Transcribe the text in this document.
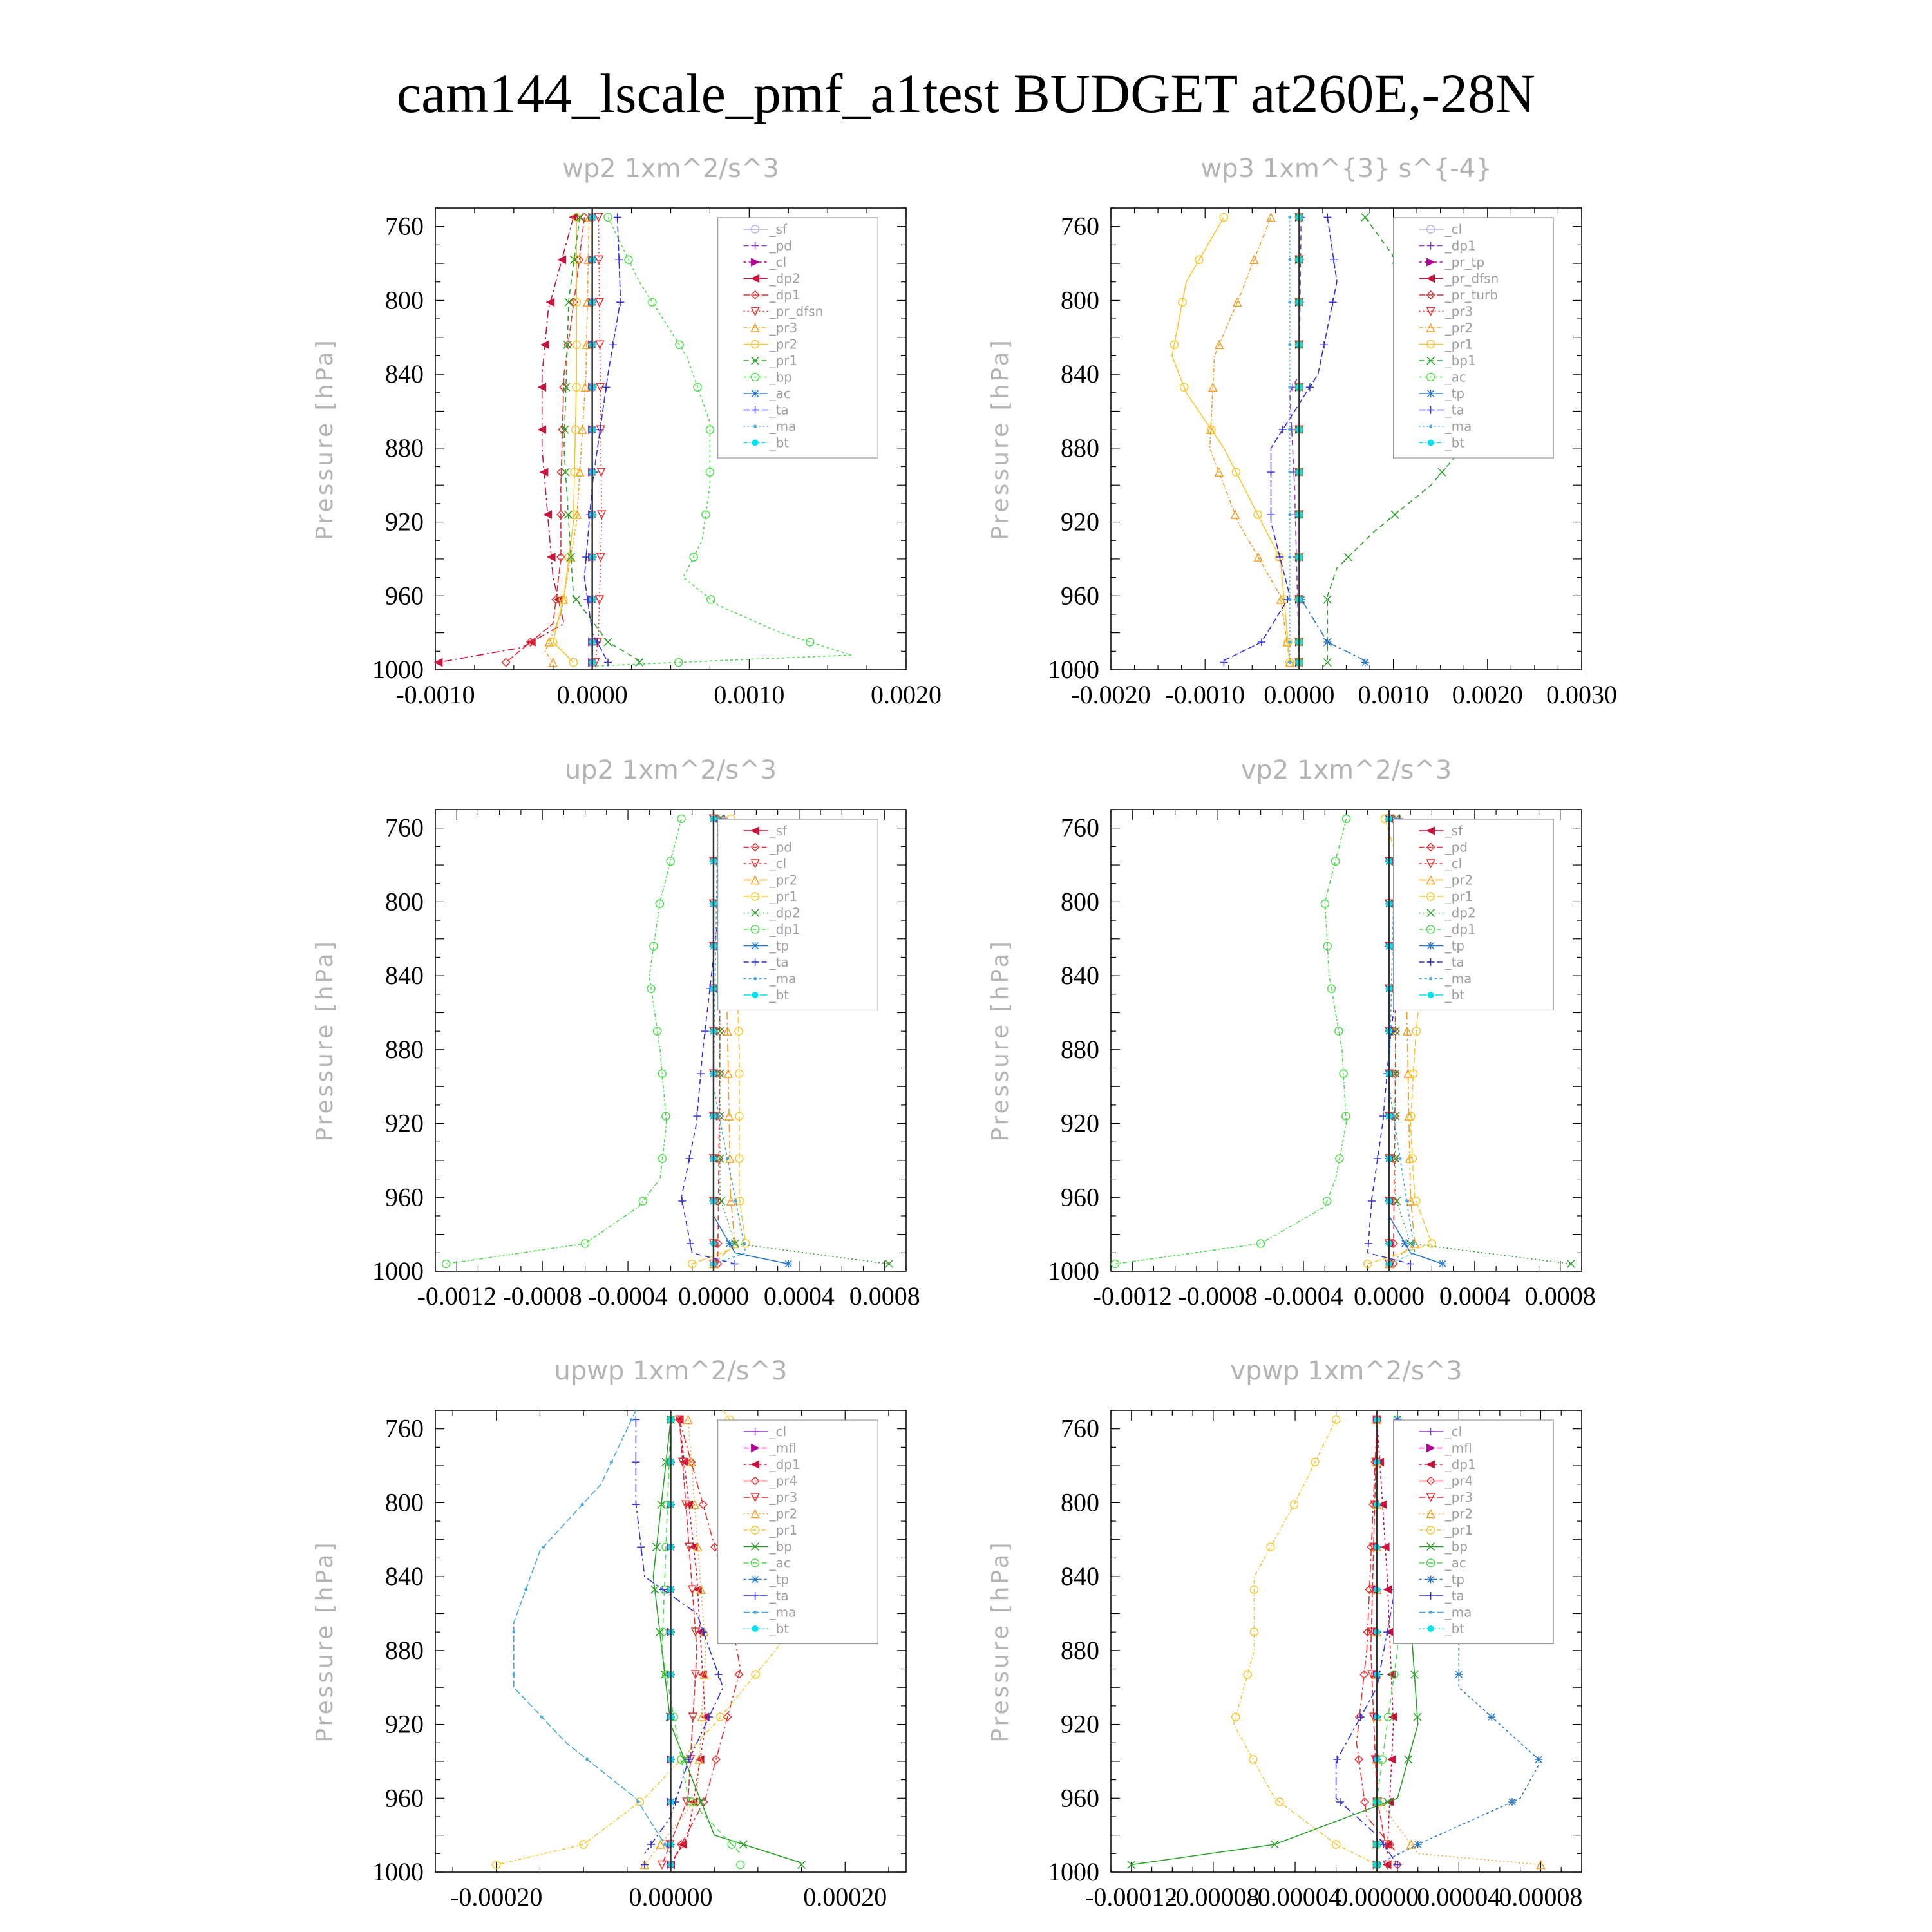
cam144_lscale_pmf_a1test BUDGET at260E,-28N
wp2 1xm^2/s^3
Pressure [hPa]
760
800
840
880
920
960
1000
-0.0010	0.0000	0.0010	0.0020
_sf
_pd
_cl
_dp2
_dp1
_pr_dfsn
_pr3
_pr2
_pr1
_bp
_ac
_ta
_ma
_bt
wp3 1xm^{3} s^{-4}
Pressure [hPa]
760
800
840
880
920
960
1000
-0.0020 -0.0010 0.0000 0.0010 0.0020 0.0030
_cl
_dp1
_pr_tp
_pr_dfsn
_pr_turb
_pr3
_pr2
_pr1
_bp1
_ac
_tp
_ta
_ma
_bt
up2 1xm^2/s^3
Pressure [hPa]
760
800
840
880
920
960
1000
-0.0012 -0.0008 -0.0004 0.0000 0.0004 0.0008
_sf
_pd
_cl
_pr2
_pr1
_dp2
_dp1
_tp
_ta
_ma
_bt
vp2 1xm^2/s^3
Pressure [hPa]
760
800
840
880
920
960
1000
-0.0012 -0.0008 -0.0004 0.0000 0.0004 0.0008
_sf
_pd
_cl
_pr2
_pr1
_dp2
_dp1
_tp
_ta
_ma
_bt
upwp 1xm^2/s^3
Pressure [hPa]
760
800
840
880
920
960
1000
-0.00020	0.00000	0.00020
_cl
_mfl
_dp1
_pr4
_pr3
_pr2
_pr1
_bp
_ac
_tp
_ta
_ma
_bt
vpwp 1xm^2/s^3
Pressure [hPa]
760
800
840
880
920
960
1000
-0.00012
-0.00008
-0.00004
0.00000
0.00004
0.00008
_cl
_mfl
_dp1
_pr4
_pr3
_pr2
_pr1
_bp
_ac
_tp
_ta
_ma
_bt
